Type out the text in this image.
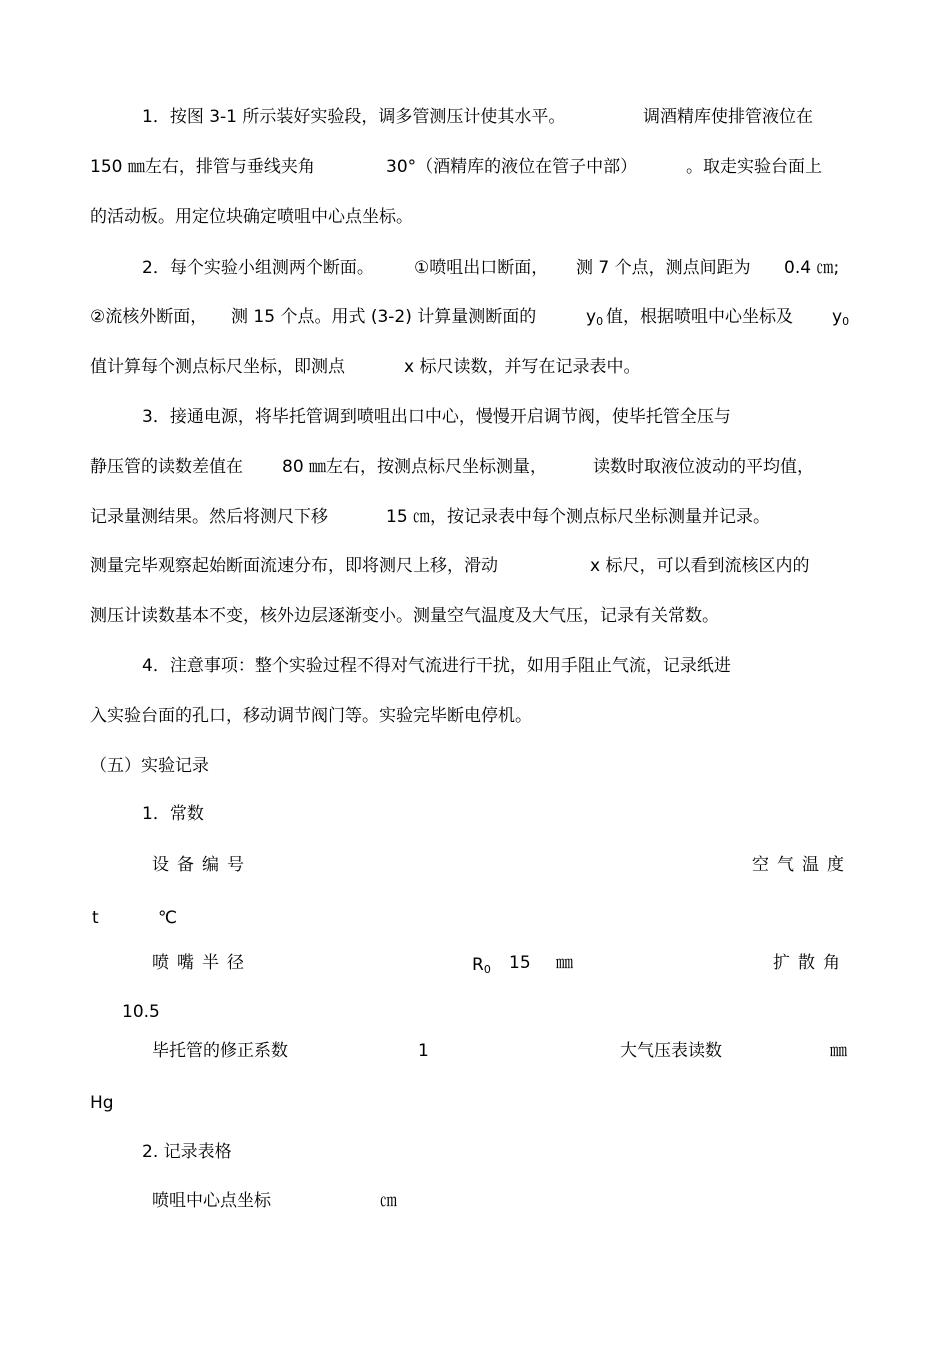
1．按图 3-1 所示装好实验段，调多管测压计使其水平。	调酒精库使排管液位在
150 ㎜左右，排管与垂线夹角	30°（酒精库的液位在管子中部）	。取走实验台面上
的活动板。用定位块确定喷咀中心点坐标。
2．每个实验小组测两个断面。 ①喷咀出口断面， 测 7 个点，测点间距为 0.4 ㎝;
②流核外断面， 测 15 个点。用式 (3-2) 计算量测断面的	$y_0$ 值，根据喷咀中心坐标及 $y_0$
值计算每个测点标尺坐标，即测点	x 标尺读数，并写在记录表中。
3．接通电源，将毕托管调到喷咀出口中心，慢慢开启调节阀，使毕托管全压与
静压管的读数差值在 80 ㎜左右，按测点标尺坐标测量，	读数时取液位波动的平均值，
记录量测结果。然后将测尺下移	15 ㎝，按记录表中每个测点标尺坐标测量并记录。
测量完毕观察起始断面流速分布，即将测尺上移，滑动	x 标尺，可以看到流核区内的
测压计读数基本不变，核外边层逐渐变小。测量空气温度及大气压，记录有关常数。
4．注意事项：整个实验过程不得对气流进行干扰，如用手阻止气流，记录纸进
入实验台面的孔口，移动调节阀门等。实验完毕断电停机。
（五）实验记录
1．常数
设备编号	空气温度
t	℃
喷嘴半径	$R_0$ 15 ㎜	扩散角
10.5
毕托管的修正系数	1	大气压表读数	㎜
Hg
2. 记录表格
喷咀中心点坐标	㎝
